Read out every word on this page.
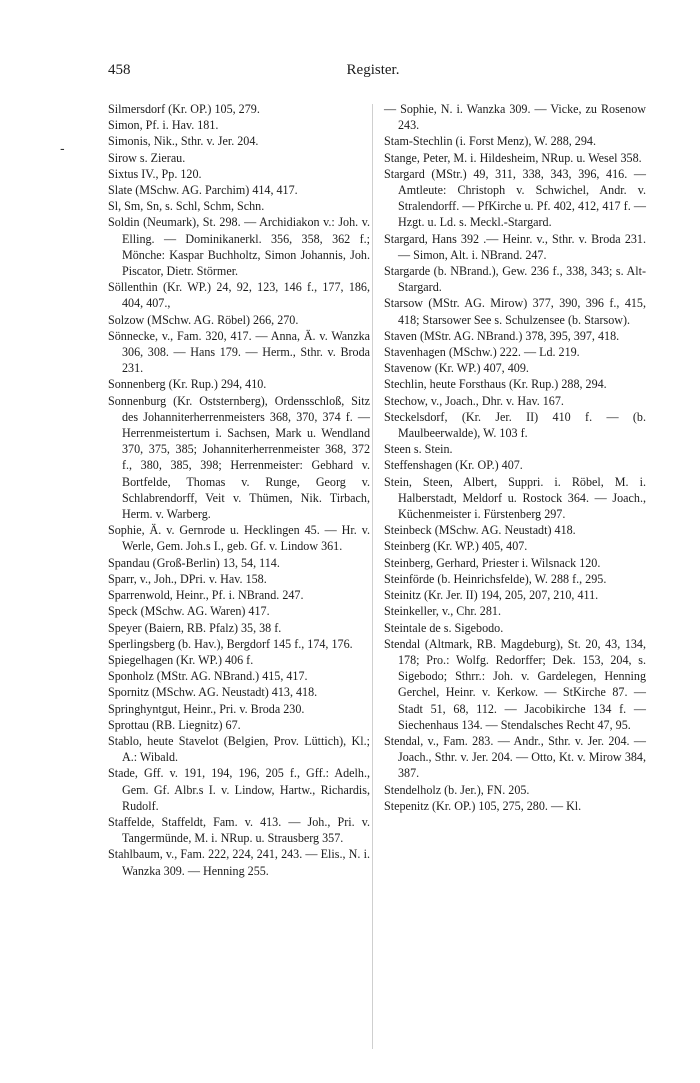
458	Register.
-

Silmersdorf (Kr. OP.) 105, 279.

Simon, Pf. i. Hav. 181.

Simonis, Nik., Sthr. v. Jer. 204.

Sirow s. Zierau.

Sixtus IV., Pp. 120.

Slate (MSchw. AG. Parchim) 414, 417.

Sl, Sm, Sn, s. Schl, Schm, Schn.

Soldin (Neumark), St. 298. — Archidiakon v.: Joh. v. Elling. — Dominikanerkl. 356, 358, 362 f.; Mönche: Kaspar Buchholtz, Simon Johannis, Joh. Piscator, Dietr. Störmer.

Söllenthin (Kr. WP.) 24, 92, 123, 146 f., 177, 186, 404, 407.,

Solzow (MSchw. AG. Röbel) 266, 270.

Sönnecke, v., Fam. 320, 417. — Anna, Ä. v. Wanzka 306, 308. — Hans 179. — Herm., Sthr. v. Broda 231.

Sonnenberg (Kr. Rup.) 294, 410.

Sonnenburg (Kr. Oststernberg), Ordensschloß, Sitz des Johanniterherrenmeisters 368, 370, 374 f. — Herrenmeistertum i. Sachsen, Mark u. Wendland 370, 375, 385; Johanniterherrenmeister 368, 372 f., 380, 385, 398; Herrenmeister: Gebhard v. Bortfelde, Thomas v. Runge, Georg v. Schlabrendorff, Veit v. Thümen, Nik. Tirbach, Herm. v. Warberg.

Sophie, Ä. v. Gernrode u. Hecklingen 45. — Hr. v. Werle, Gem. Joh.s I., geb. Gf. v. Lindow 361.

Spandau (Groß-Berlin) 13, 54, 114.

Sparr, v., Joh., DPri. v. Hav. 158.

Sparrenwold, Heinr., Pf. i. NBrand. 247.

Speck (MSchw. AG. Waren) 417.

Speyer (Baiern, RB. Pfalz) 35, 38 f.

Sperlingsberg (b. Hav.), Bergdorf 145 f., 174, 176.

Spiegelhagen (Kr. WP.) 406 f.

Sponholz (MStr. AG. NBrand.) 415, 417.

Spornitz (MSchw. AG. Neustadt) 413, 418.

Springhyntgut, Heinr., Pri. v. Broda 230.

Sprottau (RB. Liegnitz) 67.

Stablo, heute Stavelot (Belgien, Prov. Lüttich), Kl.; A.: Wibald.

Stade, Gff. v. 191, 194, 196, 205 f., Gff.: Adelh., Gem. Gf. Albr.s I. v. Lindow, Hartw., Richardis, Rudolf.

Staffelde, Staffeldt, Fam. v. 413. — Joh., Pri. v. Tangermünde, M. i. NRup. u. Strausberg 357.

Stahlbaum, v., Fam. 222, 224, 241, 243. — Elis., N. i. Wanzka 309. — Henning 255.

— Sophie, N. i. Wanzka 309. — Vicke, zu Rosenow 243.

Stam-Stechlin (i. Forst Menz), W. 288, 294.

Stange, Peter, M. i. Hildesheim, NRup. u. Wesel 358.

Stargard (MStr.) 49, 311, 338, 343, 396, 416. — Amtleute: Christoph v. Schwichel, Andr. v. Stralendorff. — PfKirche u. Pf. 402, 412, 417 f. — Hzgt. u. Ld. s. Meckl.-Stargard.

Stargard, Hans 392 .— Heinr. v., Sthr. v. Broda 231. — Simon, Alt. i. NBrand. 247.

Stargarde (b. NBrand.), Gew. 236 f., 338, 343; s. Alt-Stargard.

Starsow (MStr. AG. Mirow) 377, 390, 396 f., 415, 418; Starsower See s. Schulzensee (b. Starsow).

Staven (MStr. AG. NBrand.) 378, 395, 397, 418.

Stavenhagen (MSchw.) 222. — Ld. 219.

Stavenow (Kr. WP.) 407, 409.

Stechlin, heute Forsthaus (Kr. Rup.) 288, 294.

Stechow, v., Joach., Dhr. v. Hav. 167.

Steckelsdorf, (Kr. Jer. II) 410 f. — (b. Maulbeerwalde), W. 103 f.

Steen s. Stein.

Steffenshagen (Kr. OP.) 407.

Stein, Steen, Albert, Suppri. i. Röbel, M. i. Halberstadt, Meldorf u. Rostock 364. — Joach., Küchenmeister i. Fürstenberg 297.

Steinbeck (MSchw. AG. Neustadt) 418.

Steinberg (Kr. WP.) 405, 407.

Steinberg, Gerhard, Priester i. Wilsnack 120.

Steinförde (b. Heinrichsfelde), W. 288 f., 295.

Steinitz (Kr. Jer. II) 194, 205, 207, 210, 411.

Steinkeller, v., Chr. 281.

Steintale de s. Sigebodo.

Stendal (Altmark, RB. Magdeburg), St. 20, 43, 134, 178; Pro.: Wolfg. Redorffer; Dek. 153, 204, s. Sigebodo; Sthrr.: Joh. v. Gardelegen, Henning Gerchel, Heinr. v. Kerkow. — StKirche 87. — Stadt 51, 68, 112. — Jacobikirche 134 f. — Siechenhaus 134. — Stendalsches Recht 47, 95.

Stendal, v., Fam. 283. — Andr., Sthr. v. Jer. 204. — Joach., Sthr. v. Jer. 204. — Otto, Kt. v. Mirow 384, 387.

Stendelholz (b. Jer.), FN. 205.

Stepenitz (Kr. OP.) 105, 275, 280. — Kl.
